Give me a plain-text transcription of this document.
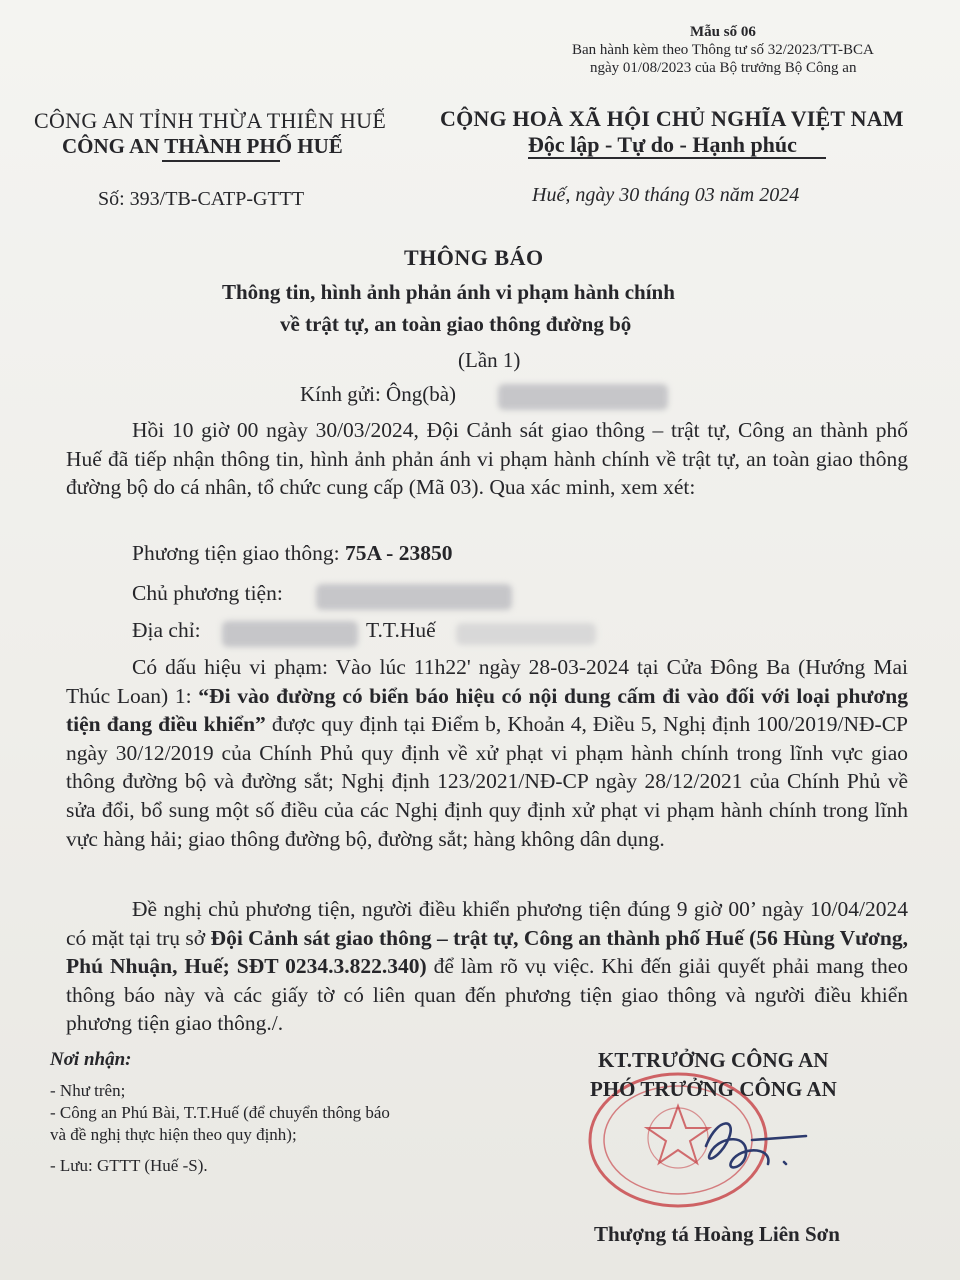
Mẫu số 06
Ban hành kèm theo Thông tư số 32/2023/TT-BCA
ngày 01/08/2023 của Bộ trưởng Bộ Công an
CÔNG AN TỈNH THỪA THIÊN HUẾ
CÔNG AN THÀNH PHỐ HUẾ
CỘNG HOÀ XÃ HỘI CHỦ NGHĨA VIỆT NAM
Độc lập - Tự do - Hạnh phúc
Số: 393/TB-CATP-GTTT	Huế, ngày 30 tháng 03 năm 2024
THÔNG BÁO
Thông tin, hình ảnh phản ánh vi phạm hành chính
về trật tự, an toàn giao thông đường bộ
(Lần 1)
Kính gửi: Ông(bà)

Hồi 10 giờ 00 ngày 30/03/2024, Đội Cảnh sát giao thông – trật tự, Công an thành phố Huế đã tiếp nhận thông tin, hình ảnh phản ánh vi phạm hành chính về trật tự, an toàn giao thông đường bộ do cá nhân, tổ chức cung cấp (Mã 03). Qua xác minh, xem xét:

Phương tiện giao thông: 75A - 23850
Chủ phương tiện:
Địa chỉ:	T.T.Huế

Có dấu hiệu vi phạm: Vào lúc 11h22' ngày 28-03-2024 tại Cửa Đông Ba (Hướng Mai Thúc Loan) 1: “Đi vào đường có biển báo hiệu có nội dung cấm đi vào đối với loại phương tiện đang điều khiển” được quy định tại Điểm b, Khoản 4, Điều 5, Nghị định 100/2019/NĐ-CP ngày 30/12/2019 của Chính Phủ quy định về xử phạt vi phạm hành chính trong lĩnh vực giao thông đường bộ và đường sắt; Nghị định 123/2021/NĐ-CP ngày 28/12/2021 của Chính Phủ về sửa đổi, bổ sung một số điều của các Nghị định quy định xử phạt vi phạm hành chính trong lĩnh vực hàng hải; giao thông đường bộ, đường sắt; hàng không dân dụng.

Đề nghị chủ phương tiện, người điều khiển phương tiện đúng 9 giờ 00’ ngày 10/04/2024 có mặt tại trụ sở Đội Cảnh sát giao thông – trật tự, Công an thành phố Huế (56 Hùng Vương, Phú Nhuận, Huế; SĐT 0234.3.822.340) để làm rõ vụ việc. Khi đến giải quyết phải mang theo thông báo này và các giấy tờ có liên quan đến phương tiện giao thông và người điều khiển phương tiện giao thông./.

Nơi nhận:
- Như trên;
- Công an Phú Bài, T.T.Huế (để chuyển thông báo
và đề nghị thực hiện theo quy định);
- Lưu: GTTT (Huế -S).
KT.TRƯỞNG CÔNG AN
PHÓ TRƯỞNG CÔNG AN
Thượng tá Hoàng Liên Sơn
